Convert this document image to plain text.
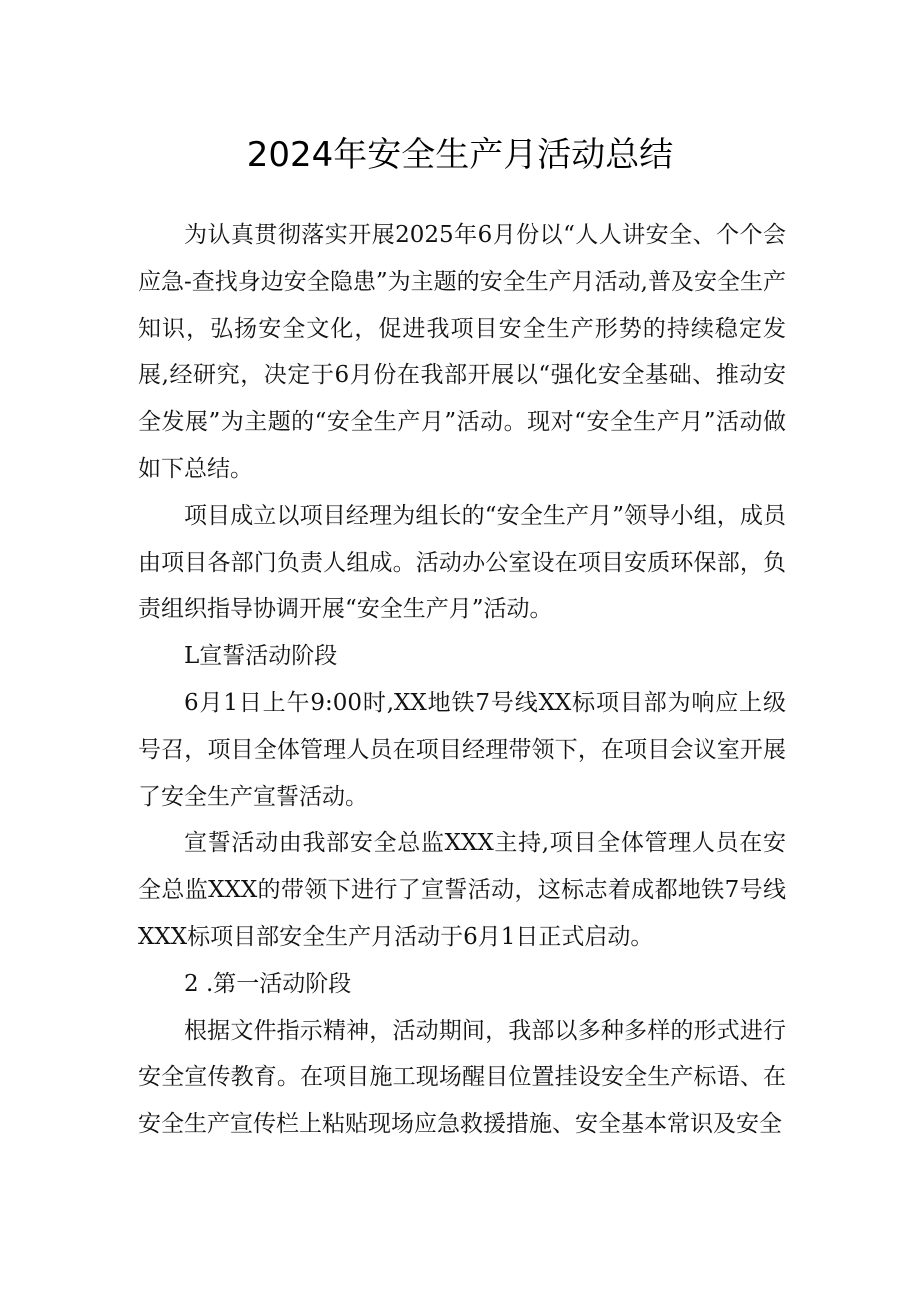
2024年安全生产月活动总结

为认真贯彻落实开展2025年6月份以“人人讲安全、个个会应急-查找身边安全隐患”为主题的安全生产月活动,普及安全生产知识，弘扬安全文化，促进我项目安全生产形势的持续稳定发展,经研究，决定于6月份在我部开展以“强化安全基础、推动安全发展”为主题的“安全生产月”活动。现对“安全生产月”活动做如下总结。

项目成立以项目经理为组长的“安全生产月”领导小组，成员由项目各部门负责人组成。活动办公室设在项目安质环保部，负责组织指导协调开展“安全生产月”活动。

L宣誓活动阶段

6月1日上午9:00时,XX地铁7号线XX标项目部为响应上级号召，项目全体管理人员在项目经理带领下，在项目会议室开展了安全生产宣誓活动。

宣誓活动由我部安全总监XXX主持,项目全体管理人员在安全总监XXX的带领下进行了宣誓活动，这标志着成都地铁7号线XXX标项目部安全生产月活动于6月1日正式启动。

2 .第一活动阶段

根据文件指示精神，活动期间，我部以多种多样的形式进行安全宣传教育。在项目施工现场醒目位置挂设安全生产标语、在安全生产宣传栏上粘贴现场应急救援措施、安全基本常识及安全
